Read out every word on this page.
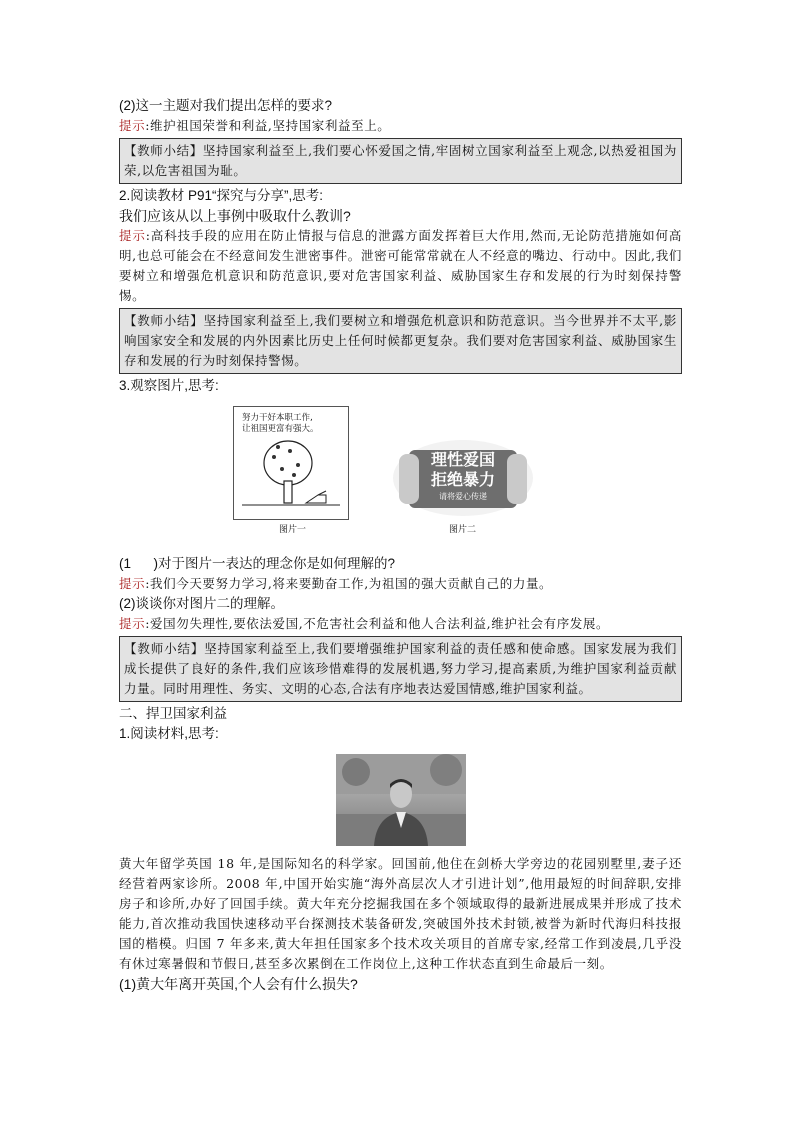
(2)这一主题对我们提出怎样的要求?

提示:维护祖国荣誉和利益,坚持国家利益至上。

【教师小结】坚持国家利益至上,我们要心怀爱国之情,牢固树立国家利益至上观念,以热爱祖国为荣,以危害祖国为耻。

2.阅读教材 P91“探究与分享”,思考:

我们应该从以上事例中吸取什么教训?

提示:高科技手段的应用在防止情报与信息的泄露方面发挥着巨大作用,然而,无论防范措施如何高明,也总可能会在不经意间发生泄密事件。泄密可能常常就在人不经意的嘴边、行动中。因此,我们要树立和增强危机意识和防范意识,要对危害国家利益、威胁国家生存和发展的行为时刻保持警惕。

【教师小结】坚持国家利益至上,我们要树立和增强危机意识和防范意识。当今世界并不太平,影响国家安全和发展的内外因素比历史上任何时候都更复杂。我们要对危害国家利益、威胁国家生存和发展的行为时刻保持警惕。

3.观察图片,思考:

努力干好本职工作,
让祖国更富有强大。
图片一
理性爱国
拒绝暴力
请将爱心传递
图片二

(1      )对于图片一表达的理念你是如何理解的?

提示:我们今天要努力学习,将来要勤奋工作,为祖国的强大贡献自己的力量。

(2)谈谈你对图片二的理解。

提示:爱国勿失理性,要依法爱国,不危害社会利益和他人合法利益,维护社会有序发展。

【教师小结】坚持国家利益至上,我们要增强维护国家利益的责任感和使命感。国家发展为我们成长提供了良好的条件,我们应该珍惜难得的发展机遇,努力学习,提高素质,为维护国家利益贡献力量。同时用理性、务实、文明的心态,合法有序地表达爱国情感,维护国家利益。

二、捍卫国家利益

1.阅读材料,思考:

黄大年留学英国 18 年,是国际知名的科学家。回国前,他住在剑桥大学旁边的花园别墅里,妻子还经营着两家诊所。2008 年,中国开始实施“海外高层次人才引进计划”,他用最短的时间辞职,安排房子和诊所,办好了回国手续。黄大年充分挖掘我国在多个领域取得的最新进展成果并形成了技术能力,首次推动我国快速移动平台探测技术装备研发,突破国外技术封锁,被誉为新时代海归科技报国的楷模。归国 7 年多来,黄大年担任国家多个技术攻关项目的首席专家,经常工作到凌晨,几乎没有休过寒暑假和节假日,甚至多次累倒在工作岗位上,这种工作状态直到生命最后一刻。

(1)黄大年离开英国,个人会有什么损失?
